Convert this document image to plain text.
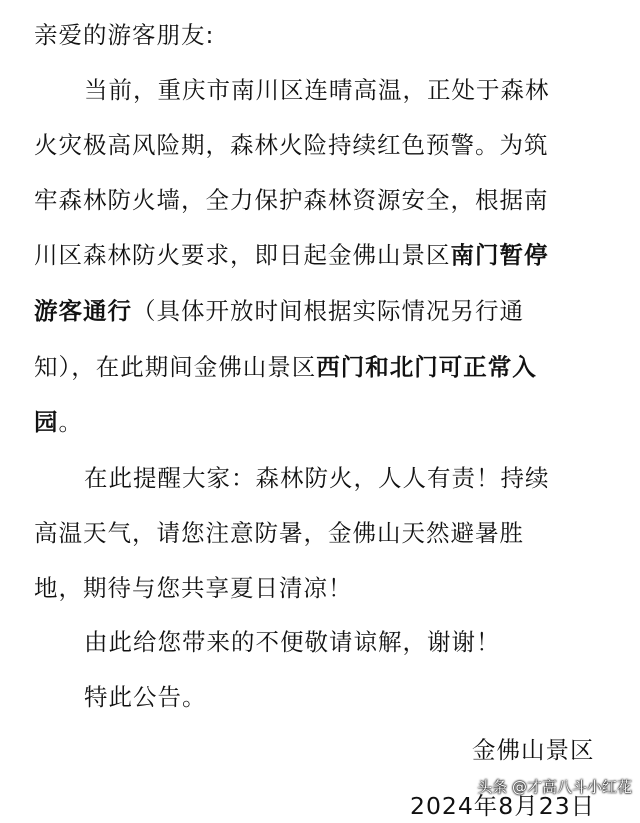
亲爱的游客朋友:
当前，重庆市南川区连晴高温，正处于森林
火灾极高风险期，森林火险持续红色预警。为筑
牢森林防火墙，全力保护森林资源安全，根据南
川区森林防火要求，即日起金佛山景区南门暂停
游客通行（具体开放时间根据实际情况另行通
知），在此期间金佛山景区西门和北门可正常入
园。
在此提醒大家：森林防火，人人有责！持续
高温天气，请您注意防暑，金佛山天然避暑胜
地，期待与您共享夏日清凉！
由此给您带来的不便敬请谅解，谢谢！
特此公告。
金佛山景区
2024年8月23日
头条 @才高八斗小红花
